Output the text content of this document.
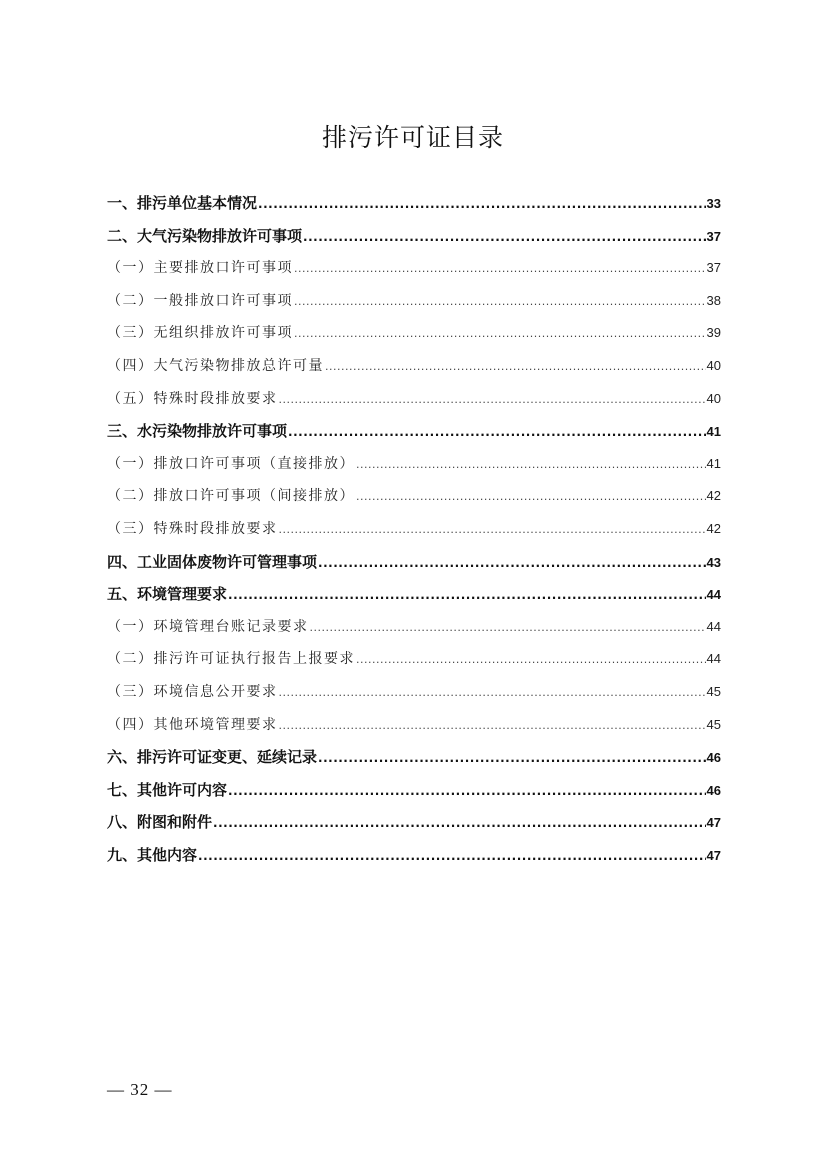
排污许可证目录
一、排污单位基本情况 .....	33
二、大气污染物排放许可事项 .....	37
（一）主要排放口许可事项 .....	37
（二）一般排放口许可事项 .....	38
（三）无组织排放许可事项 .....	39
（四）大气污染物排放总许可量 .....	40
（五）特殊时段排放要求 .....	40
三、水污染物排放许可事项 .....	41
（一）排放口许可事项（直接排放） .....	41
（二）排放口许可事项（间接排放） .....	42
（三）特殊时段排放要求 .....	42
四、工业固体废物许可管理事项 .....	43
五、环境管理要求 .....	44
（一）环境管理台账记录要求 .....	44
（二）排污许可证执行报告上报要求 .....	44
（三）环境信息公开要求 .....	45
（四）其他环境管理要求 .....	45
六、排污许可证变更、延续记录 .....	46
七、其他许可内容 .....	46
八、附图和附件 .....	47
九、其他内容 .....	47
— 32 —
